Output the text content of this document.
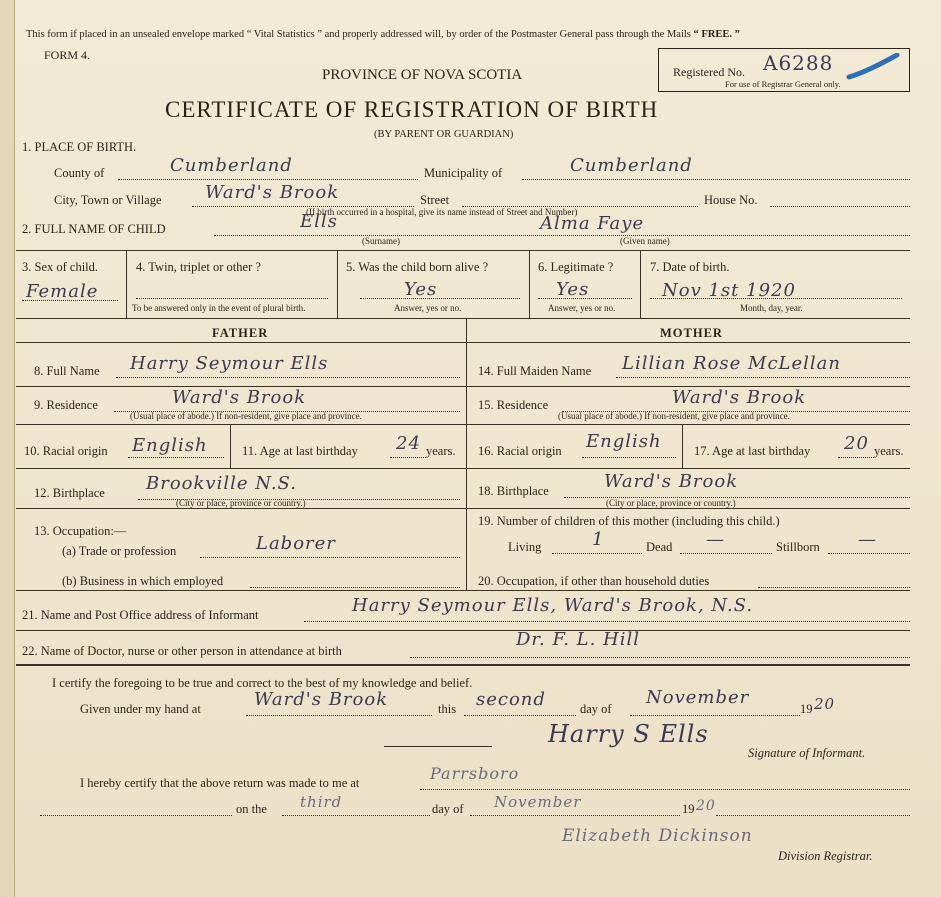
This form if placed in an unsealed envelope marked “ Vital Statistics ” and properly addressed will, by order of the Postmaster General pass through the Mails “ FREE. ”
FORM 4.
PROVINCE OF NOVA SCOTIA
CERTIFICATE OF REGISTRATION OF BIRTH
(BY PARENT OR GUARDIAN)
Registered No. A6288
For use of Registrar General only.
1. PLACE OF BIRTH.
County of	Cumberland	Municipality of	Cumberland
City, Town or Village Ward's Brook	Street	House No.
(If birth occurred in a hospital, give its name instead of Street and Number)
2. FULL NAME OF CHILD	Ells	Alma Faye
(Surname)	(Given name)
3. Sex of child.
Female
4. Twin, triplet or other ?
To be answered only in the event of plural birth.
5. Was the child born alive ?
Yes
Answer, yes or no.
6. Legitimate ?
Yes
Answer, yes or no.
7. Date of birth.
Nov 1st 1920
Month, day, year.
FATHER	MOTHER
8. Full Name Harry Seymour Ells
9. Residence	Ward's Brook
(Usual place of abode.) If non-resident, give place and province.
10. Racial origin English	11. Age at last birthday 24 years.
12. Birthplace Brookville N.S.
(City or place, province or country.)
13. Occupation:—
(a) Trade or profession	Laborer
(b) Business in which employed
14. Full Maiden Name Lillian Rose McLellan
15. Residence	Ward's Brook
(Usual place of abode.) If non-resident, give place and province.
16. Racial origin English	17. Age at last birthday 20 years.
18. Birthplace	Ward's Brook
(City or place, province or country.)
19. Number of children of this mother (including this child.)
Living	1	Dead —	Stillborn —
20. Occupation, if other than household duties
21. Name and Post Office address of Informant	Harry Seymour Ells, Ward's Brook, N.S.
22. Name of Doctor, nurse or other person in attendance at birth
Dr. F. L. Hill
I certify the foregoing to be true and correct to the best of my knowledge and belief.
Given under my hand at	Ward's Brook	this second	day of
November
19 20
Harry S Ells
Signature of Informant.
I hereby certify that the above return was made to me at	Parrsboro
on the third	day of November	19 20
Elizabeth Dickinson
Division Registrar.
